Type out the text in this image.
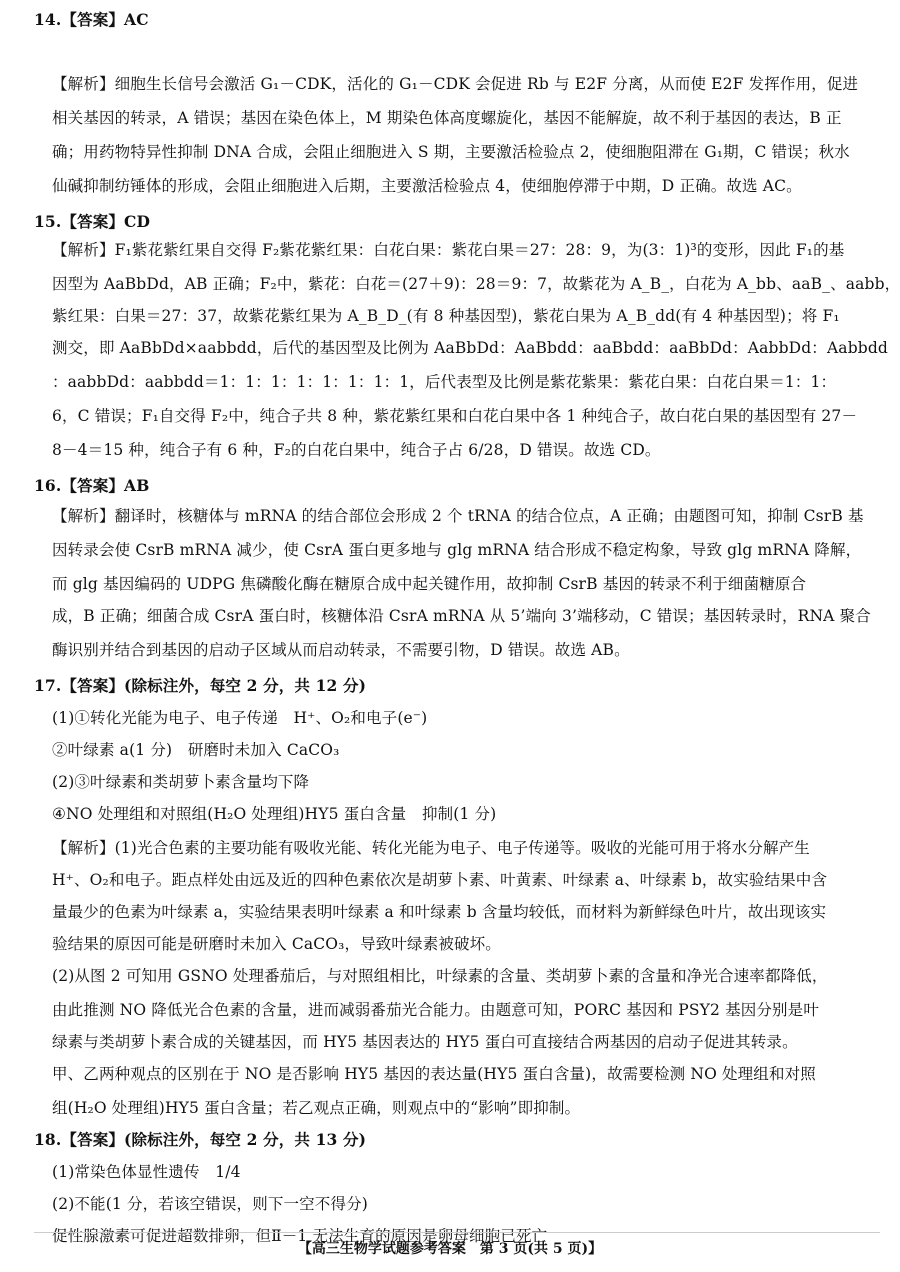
14.【答案】AC
【解析】细胞生长信号会激活 G₁－CDK，活化的 G₁－CDK 会促进 Rb 与 E2F 分离，从而使 E2F 发挥作用，促进
相关基因的转录，A 错误；基因在染色体上，M 期染色体高度螺旋化，基因不能解旋，故不利于基因的表达，B 正
确；用药物特异性抑制 DNA 合成，会阻止细胞进入 S 期，主要激活检验点 2，使细胞阻滞在 G₁期，C 错误；秋水
仙碱抑制纺锤体的形成，会阻止细胞进入后期，主要激活检验点 4，使细胞停滞于中期，D 正确。故选 AC。
15.【答案】CD
【解析】F₁紫花紫红果自交得 F₂紫花紫红果：白花白果：紫花白果＝27：28：9，为(3：1)³的变形，因此 F₁的基
因型为 AaBbDd，AB 正确；F₂中，紫花：白花＝(27＋9)：28＝9：7，故紫花为 A_B_，白花为 A_bb、aaB_、aabb，
紫红果：白果＝27：37，故紫花紫红果为 A_B_D_(有 8 种基因型)，紫花白果为 A_B_dd(有 4 种基因型)；将 F₁
测交，即 AaBbDd×aabbdd，后代的基因型及比例为 AaBbDd：AaBbdd：aaBbdd：aaBbDd：AabbDd：Aabbdd
：aabbDd：aabbdd＝1：1：1：1：1：1：1：1，后代表型及比例是紫花紫果：紫花白果：白花白果＝1：1：
6，C 错误；F₁自交得 F₂中，纯合子共 8 种，紫花紫红果和白花白果中各 1 种纯合子，故白花白果的基因型有 27－
8－4＝15 种，纯合子有 6 种，F₂的白花白果中，纯合子占 6/28，D 错误。故选 CD。
16.【答案】AB
【解析】翻译时，核糖体与 mRNA 的结合部位会形成 2 个 tRNA 的结合位点，A 正确；由题图可知，抑制 CsrB 基
因转录会使 CsrB mRNA 减少，使 CsrA 蛋白更多地与 glg mRNA 结合形成不稳定构象，导致 glg mRNA 降解，
而 glg 基因编码的 UDPG 焦磷酸化酶在糖原合成中起关键作用，故抑制 CsrB 基因的转录不利于细菌糖原合
成，B 正确；细菌合成 CsrA 蛋白时，核糖体沿 CsrA mRNA 从 5’端向 3’端移动，C 错误；基因转录时，RNA 聚合
酶识别并结合到基因的启动子区域从而启动转录，不需要引物，D 错误。故选 AB。
17.【答案】(除标注外，每空 2 分，共 12 分)
(1)①转化光能为电子、电子传递　H⁺、O₂和电子(e⁻)
②叶绿素 a(1 分)　研磨时未加入 CaCO₃
(2)③叶绿素和类胡萝卜素含量均下降
④NO 处理组和对照组(H₂O 处理组)HY5 蛋白含量　抑制(1 分)
【解析】(1)光合色素的主要功能有吸收光能、转化光能为电子、电子传递等。吸收的光能可用于将水分解产生
H⁺、O₂和电子。距点样处由远及近的四种色素依次是胡萝卜素、叶黄素、叶绿素 a、叶绿素 b，故实验结果中含
量最少的色素为叶绿素 a，实验结果表明叶绿素 a 和叶绿素 b 含量均较低，而材料为新鲜绿色叶片，故出现该实
验结果的原因可能是研磨时未加入 CaCO₃，导致叶绿素被破坏。
(2)从图 2 可知用 GSNO 处理番茄后，与对照组相比，叶绿素的含量、类胡萝卜素的含量和净光合速率都降低，
由此推测 NO 降低光合色素的含量，进而减弱番茄光合能力。由题意可知，PORC 基因和 PSY2 基因分别是叶
绿素与类胡萝卜素合成的关键基因，而 HY5 基因表达的 HY5 蛋白可直接结合两基因的启动子促进其转录。
甲、乙两种观点的区别在于 NO 是否影响 HY5 基因的表达量(HY5 蛋白含量)，故需要检测 NO 处理组和对照
组(H₂O 处理组)HY5 蛋白含量；若乙观点正确，则观点中的“影响”即抑制。
18.【答案】(除标注外，每空 2 分，共 13 分)
(1)常染色体显性遗传　1/4
(2)不能(1 分，若该空错误，则下一空不得分)
促性腺激素可促进超数排卵，但Ⅱ－1 无法生育的原因是卵母细胞已死亡
【高三生物学试题参考答案　第 3 页(共 5 页)】
